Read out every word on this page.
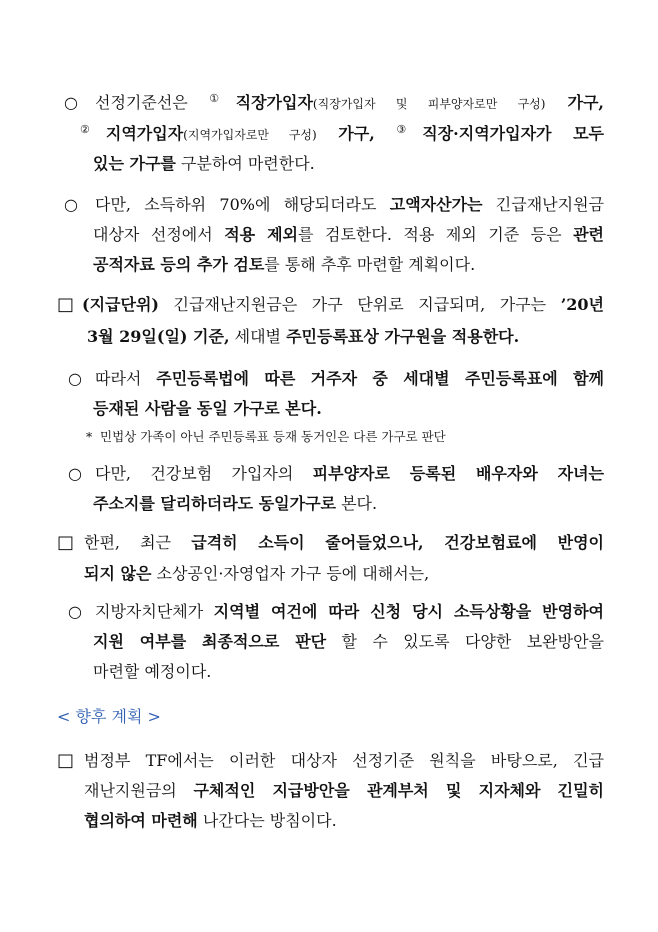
○ 선정기준선은 ①직장가입자(직장가입자 및 피부양자로만 구성) 가구,
②지역가입자(지역가입자로만 구성) 가구, ③직장·지역가입자가 모두
있는 가구를 구분하여 마련한다.
○ 다만, 소득하위 70%에 해당되더라도 고액자산가는 긴급재난지원금
대상자 선정에서 적용 제외를 검토한다. 적용 제외 기준 등은 관련
공적자료 등의 추가 검토를 통해 추후 마련할 계획이다.
□ (지급단위) 긴급재난지원금은 가구 단위로 지급되며, 가구는 ’20년
3월 29일(일) 기준, 세대별 주민등록표상 가구원을 적용한다.
○ 따라서 주민등록법에 따른 거주자 중 세대별 주민등록표에 함께
등재된 사람을 동일 가구로 본다.
* 민법상 가족이 아닌 주민등록표 등재 동거인은 다른 가구로 판단
○ 다만, 건강보험 가입자의 피부양자로 등록된 배우자와 자녀는
주소지를 달리하더라도 동일가구로 본다.
□ 한편, 최근 급격히 소득이 줄어들었으나, 건강보험료에 반영이
되지 않은 소상공인·자영업자 가구 등에 대해서는,
○ 지방자치단체가 지역별 여건에 따라 신청 당시 소득상황을 반영하여
지원 여부를 최종적으로 판단 할 수 있도록 다양한 보완방안을
마련할 예정이다.
< 향후 계획 >
□ 범정부 TF에서는 이러한 대상자 선정기준 원칙을 바탕으로, 긴급
재난지원금의 구체적인 지급방안을 관계부처 및 지자체와 긴밀히
협의하여 마련해 나간다는 방침이다.
